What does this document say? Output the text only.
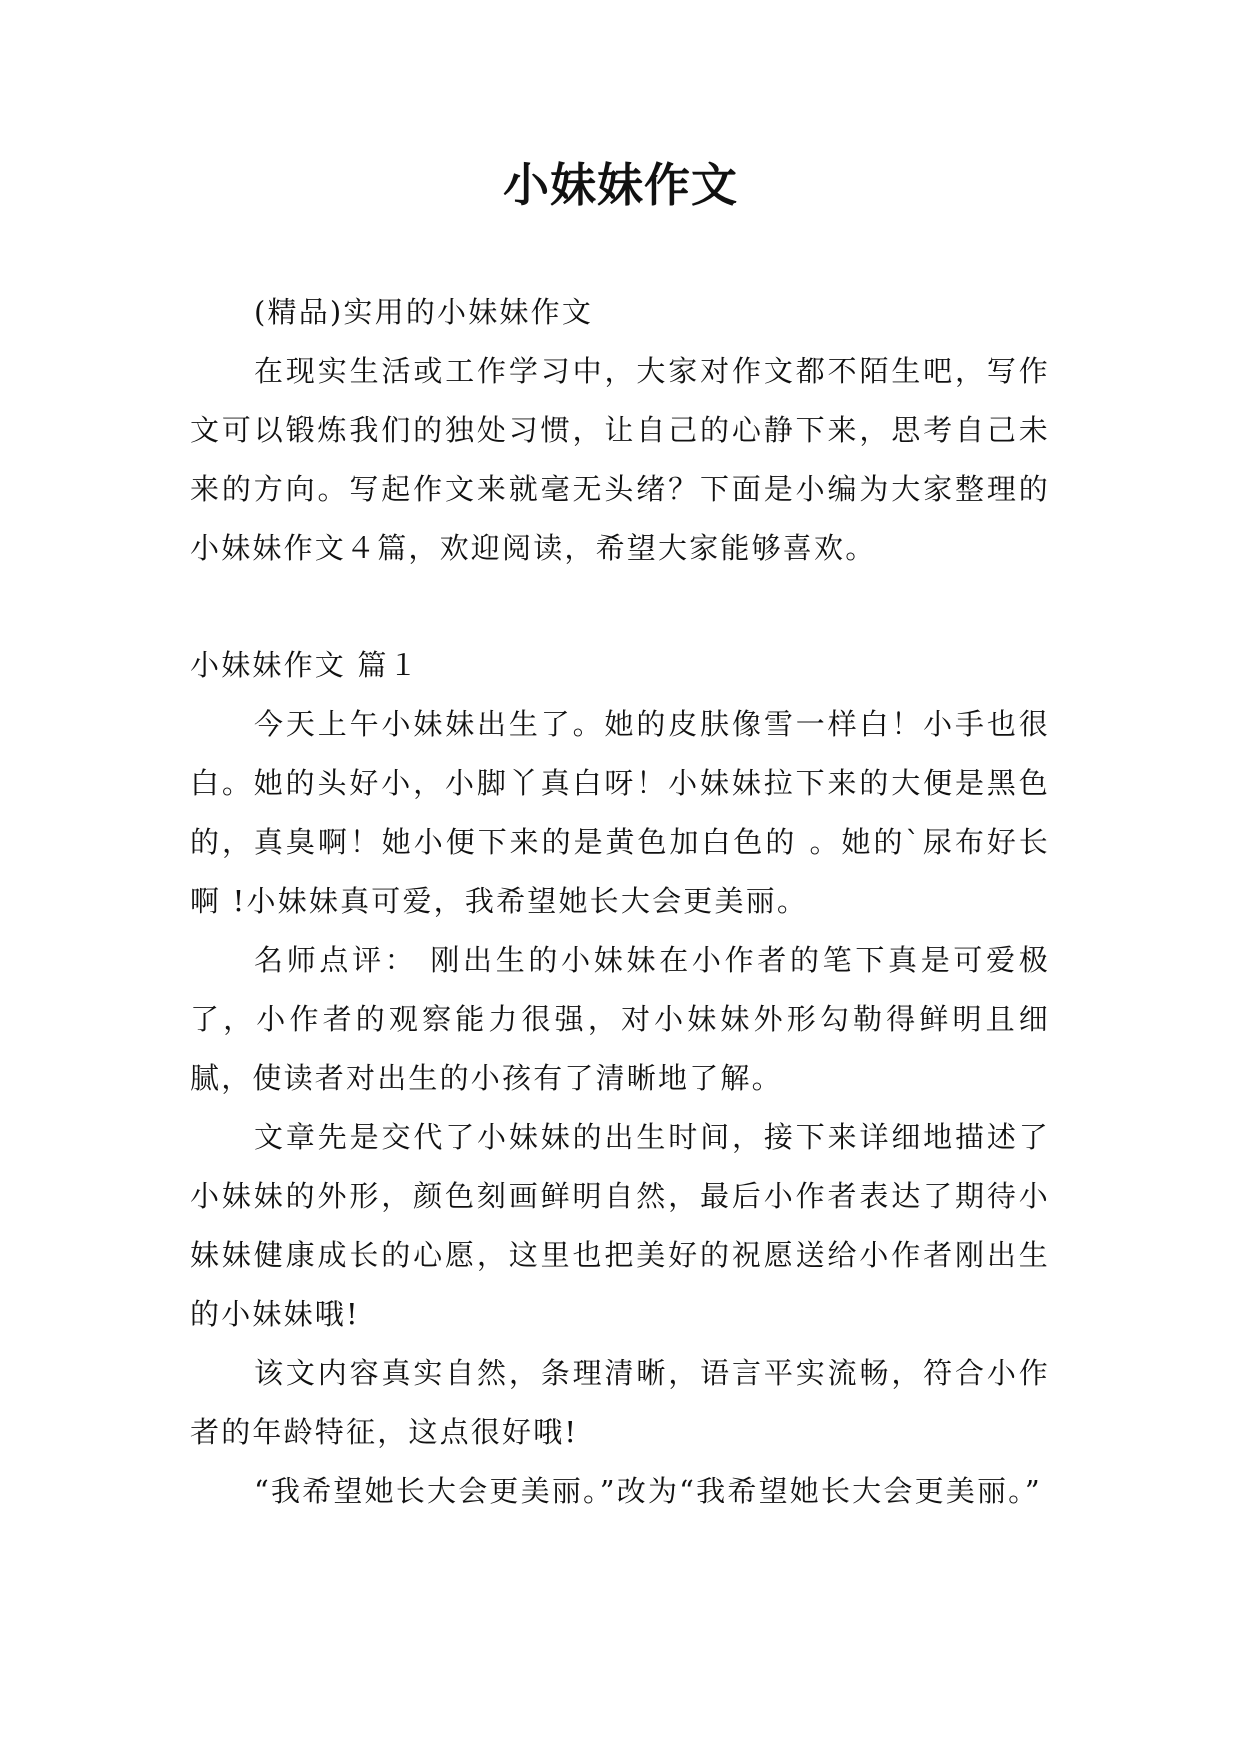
小妹妹作文

(精品)实用的小妹妹作文

在现实生活或工作学习中，大家对作文都不陌生吧，写作文可以锻炼我们的独处习惯，让自己的心静下来，思考自己未来的方向。写起作文来就毫无头绪？下面是小编为大家整理的小妹妹作文４篇，欢迎阅读，希望大家能够喜欢。

小妹妹作文 篇１

今天上午小妹妹出生了。她的皮肤像雪一样白！小手也很白。她的头好小，小脚丫真白呀！小妹妹拉下来的大便是黑色的，真臭啊！她小便下来的是黄色加白色的 。她的`尿布好长啊 !小妹妹真可爱，我希望她长大会更美丽。

名师点评： 刚出生的小妹妹在小作者的笔下真是可爱极了，小作者的观察能力很强，对小妹妹外形勾勒得鲜明且细腻，使读者对出生的小孩有了清晰地了解。

文章先是交代了小妹妹的出生时间，接下来详细地描述了小妹妹的外形，颜色刻画鲜明自然，最后小作者表达了期待小妹妹健康成长的心愿，这里也把美好的祝愿送给小作者刚出生的小妹妹哦!

该文内容真实自然，条理清晰，语言平实流畅，符合小作者的年龄特征，这点很好哦!

“我希望她长大会更美丽。”改为“我希望她长大会更美丽。”
